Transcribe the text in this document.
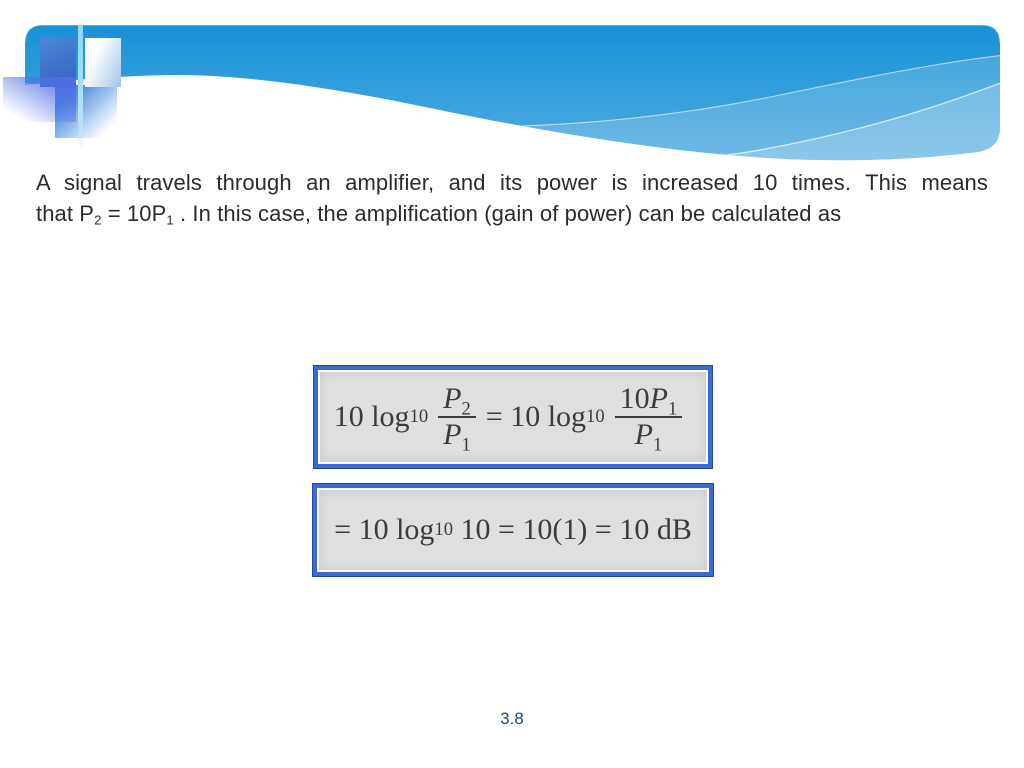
A signal travels through an amplifier, and its power is increased 10 times. This means
that $P_2 = 10P_1$ . In this case, the amplification (gain of power) can be calculated as
10 $\log 10 \frac{P_2}{P_1} = 10$ $\log 10 \frac{10P_1}{P_1}$
= 10 log 10 10 = 10(1) = 10 dB
3.8
